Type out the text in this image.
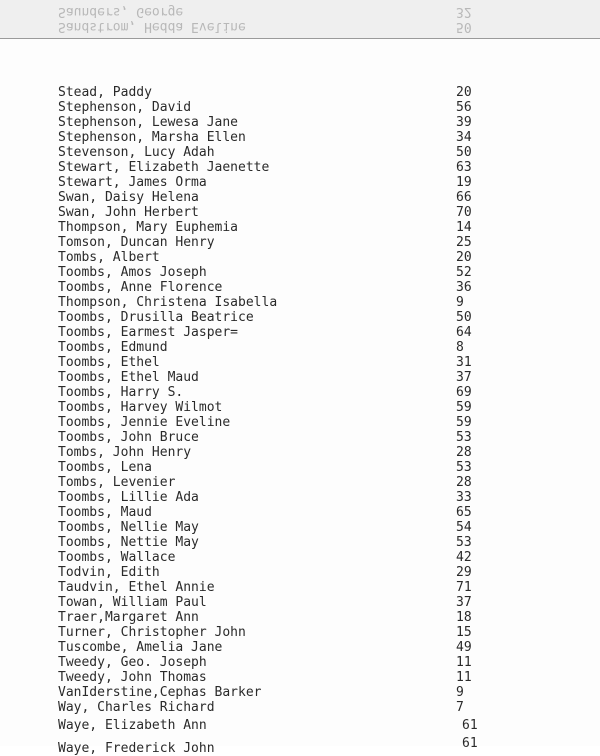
Saunders, George	32
Sandstrom, Hedda Eveline	50
Stead, Paddy	20
Stephenson, David	56
Stephenson, Lewesa Jane	39
Stephenson, Marsha Ellen	34
Stevenson, Lucy Adah	50
Stewart, Elizabeth Jaenette	63
Stewart, James Orma	19
Swan, Daisy Helena	66
Swan, John Herbert	70
Thompson, Mary Euphemia	14
Tomson, Duncan Henry	25
Tombs, Albert	20
Toombs, Amos Joseph	52
Toombs, Anne Florence	36
Thompson, Christena Isabella	9
Toombs, Drusilla Beatrice	50
Toombs, Earmest Jasper=	64
Toombs, Edmund	8
Toombs, Ethel	31
Toombs, Ethel Maud	37
Toombs, Harry S.	69
Toombs, Harvey Wilmot	59
Toombs, Jennie Eveline	59
Toombs, John Bruce	53
Tombs, John Henry	28
Toombs, Lena	53
Tombs, Levenier	28
Toombs, Lillie Ada	33
Toombs, Maud	65
Toombs, Nellie May	54
Toombs, Nettie May	53
Toombs, Wallace	42
Todvin, Edith	29
Taudvin, Ethel Annie	71
Towan, William Paul	37
Traer,Margaret Ann	18
Turner, Christopher John	15
Tuscombe, Amelia Jane	49
Tweedy, Geo. Joseph	11
Tweedy, John Thomas	11
VanIderstine,Cephas Barker	9
Way, Charles Richard	7
Waye, Elizabeth Ann	61
Waye, Frederick John	61
